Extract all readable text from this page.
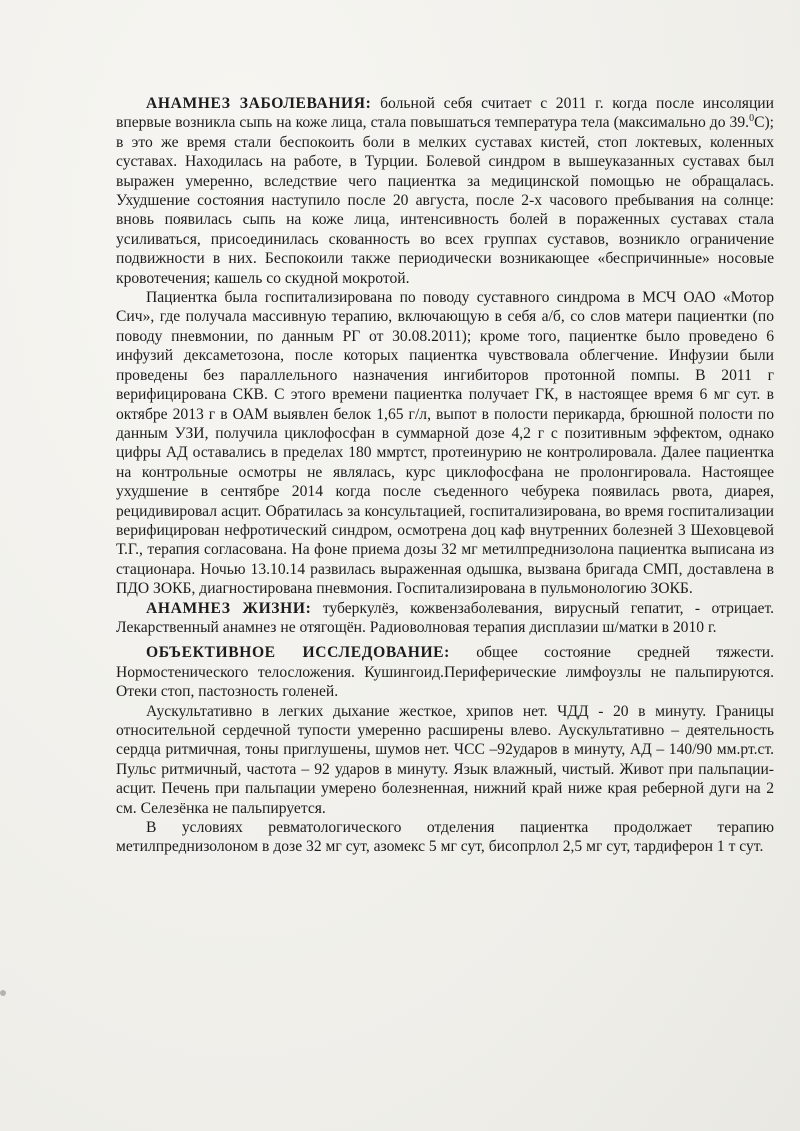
АНАМНЕЗ ЗАБОЛЕВАНИЯ: больной себя считает с 2011 г. когда после инсоляции впервые возникла сыпь на коже лица, стала повышаться температура тела (максимально до 39.$^0$С); в это же время стали беспокоить боли в мелких суставах кистей, стоп локтевых, коленных суставах. Находилась на работе, в Турции. Болевой синдром в вышеуказанных суставах был выражен умеренно, вследствие чего пациентка за медицинской помощью не обращалась. Ухудшение состояния наступило после 20 августа, после 2-х часового пребывания на солнце: вновь появилась сыпь на коже лица, интенсивность болей в пораженных суставах стала усиливаться, присоединилась скованность во всех группах суставов, возникло ограничение подвижности в них. Беспокоили также периодически возникающее «беспричинные» носовые кровотечения; кашель со скудной мокротой.

Пациентка была госпитализирована по поводу суставного синдрома в МСЧ ОАО «Мотор Сич», где получала массивную терапию, включающую в себя а/б, со слов матери пациентки (по поводу пневмонии, по данным РГ от 30.08.2011); кроме того, пациентке было проведено 6 инфузий дексаметозона, после которых пациентка чувствовала облегчение. Инфузии были проведены без параллельного назначения ингибиторов протонной помпы. В 2011 г верифицирована СКВ. С этого времени пациентка получает ГК, в настоящее время 6 мг сут. в октябре 2013 г в ОАМ выявлен белок 1,65 г/л, выпот в полости перикарда, брюшной полости по данным УЗИ, получила циклофосфан в суммарной дозе 4,2 г с позитивным эффектом, однако цифры АД оставались в пределах 180 ммртст, протеинурию не контролировала. Далее пациентка на контрольные осмотры не являлась, курс циклофосфана не пролонгировала. Настоящее ухудшение в сентябре 2014 когда после съеденного чебурека появилась рвота, диарея, рецидивировал асцит. Обратилась за консультацией, госпитализирована, во время госпитализации верифицирован нефротический синдром, осмотрена доц каф внутренних болезней 3 Шеховцевой Т.Г., терапия согласована. На фоне приема дозы 32 мг метилпреднизолона пациентка выписана из стационара. Ночью 13.10.14 развилась выраженная одышка, вызвана бригада СМП, доставлена в ПДО ЗОКБ, диагностирована пневмония. Госпитализирована в пульмонологию ЗОКБ.

АНАМНЕЗ ЖИЗНИ: туберкулёз, кожвензаболевания, вирусный гепатит, - отрицает. Лекарственный анамнез не отягощён. Радиоволновая терапия дисплазии ш/матки в 2010 г.

ОБЪЕКТИВНОЕ ИССЛЕДОВАНИЕ: общее состояние средней тяжести. Нормостенического телосложения. Кушингоид.Периферические лимфоузлы не пальпируются. Отеки стоп, пастозность голеней.

Аускультативно в легких дыхание жесткое, хрипов нет. ЧДД - 20 в минуту. Границы относительной сердечной тупости умеренно расширены влево. Аускультативно – деятельность сердца ритмичная, тоны приглушены, шумов нет. ЧСС –92ударов в минуту, АД – 140/90 мм.рт.ст. Пульс ритмичный, частота – 92 ударов в минуту. Язык влажный, чистый. Живот при пальпации- асцит. Печень при пальпации умерено болезненная, нижний край ниже края реберной дуги на 2 см. Селезёнка не пальпируется.

В условиях ревматологического отделения пациентка продолжает терапию метилпреднизолоном в дозе 32 мг сут, азомекс 5 мг сут, бисопрлол 2,5 мг сут, тардиферон 1 т сут.
